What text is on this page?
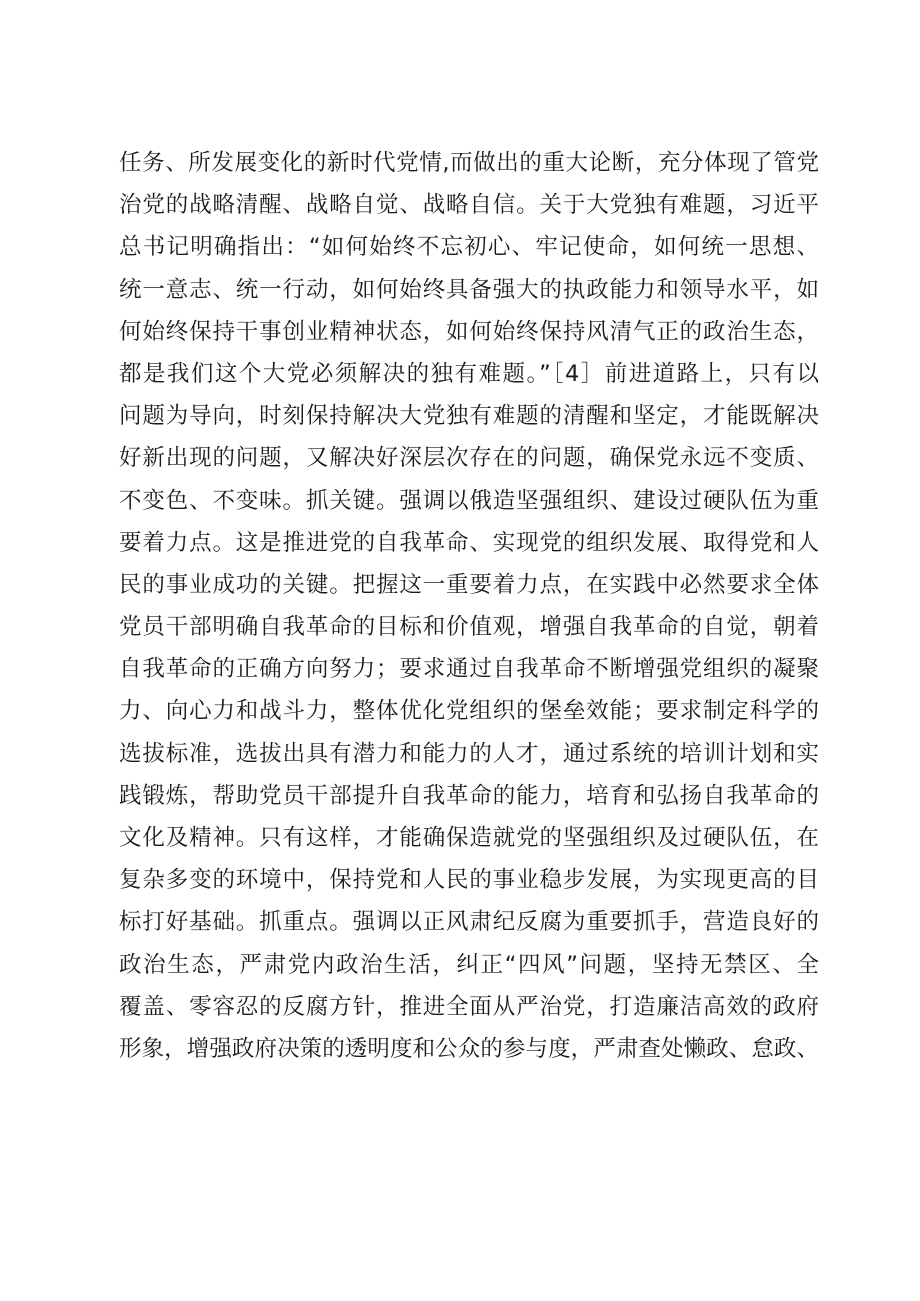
任务、所发展变化的新时代党情,而做出的重大论断，充分体现了管党
治党的战略清醒、战略自觉、战略自信。关于大党独有难题，习近平
总书记明确指出：“如何始终不忘初心、牢记使命，如何统一思想、
统一意志、统一行动，如何始终具备强大的执政能力和领导水平，如
何始终保持干事创业精神状态，如何始终保持风清气正的政治生态，
都是我们这个大党必须解决的独有难题。”［4］前进道路上，只有以
问题为导向，时刻保持解决大党独有难题的清醒和坚定，才能既解决
好新出现的问题，又解决好深层次存在的问题，确保党永远不变质、
不变色、不变味。抓关键。强调以俄造坚强组织、建设过硬队伍为重
要着力点。这是推进党的自我革命、实现党的组织发展、取得党和人
民的事业成功的关键。把握这一重要着力点，在实践中必然要求全体
党员干部明确自我革命的目标和价值观，增强自我革命的自觉，朝着
自我革命的正确方向努力；要求通过自我革命不断增强党组织的凝聚
力、向心力和战斗力，整体优化党组织的堡垒效能；要求制定科学的
选拔标准，选拔出具有潜力和能力的人才，通过系统的培训计划和实
践锻炼，帮助党员干部提升自我革命的能力，培育和弘扬自我革命的
文化及精神。只有这样，才能确保造就党的坚强组织及过硬队伍，在
复杂多变的环境中，保持党和人民的事业稳步发展，为实现更高的目
标打好基础。抓重点。强调以正风肃纪反腐为重要抓手，营造良好的
政治生态，严肃党内政治生活，纠正“四风”问题，坚持无禁区、全
覆盖、零容忍的反腐方针，推进全面从严治党，打造廉洁高效的政府
形象，增强政府决策的透明度和公众的参与度，严肃查处懒政、怠政、
